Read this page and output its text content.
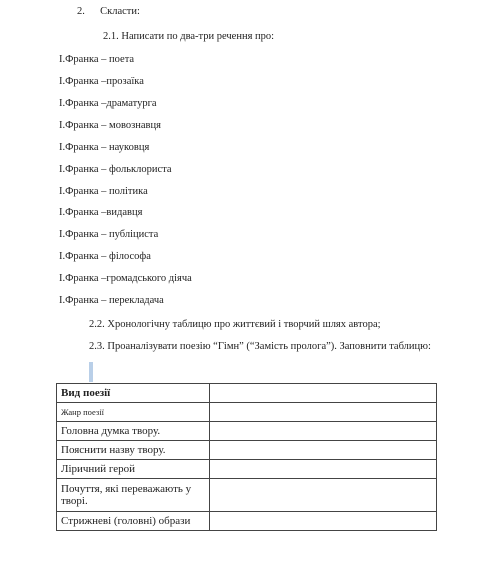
2. Скласти:
2.1. Написати по два-три речення про:
І.Франка – поета
І.Франка –прозаїка
І.Франка –драматурга
І.Франка – мовознавця
І.Франка – науковця
І.Франка – фольклориста
І.Франка – політика
І.Франка –видавця
І.Франка – публіциста
І.Франка – філософа
І.Франка –громадського діяча
І.Франка – перекладача
2.2. Хронологічну таблицю про життєвий і творчий шлях автора;
2.3. Проаналізувати поезію “Гімн” (“Замість пролога”). Заповнити таблицю:
Вид поезії	
Жанр поезії	
Головна думка твору.	
Пояснити назву твору.	
Ліричний герой	
Почуття, які переважають у творі.	
Стрижневі (головні) образи	
